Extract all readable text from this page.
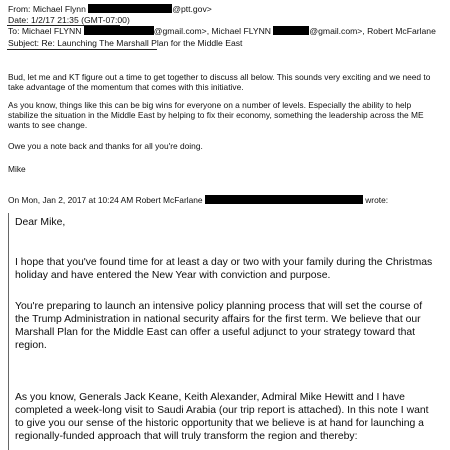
From: Michael Flynn	@ptt.gov>
Date: 1/2/17 21:35 (GMT-07:00)
To: Michael FLYNN	@gmail.com>, Michael FLYNN	@gmail.com>, Robert McFarlane
Subject: Re: Launching The Marshall Plan for the Middle East
Bud, let me and KT figure out a time to get together to discuss all below. This sounds very exciting and we need to
take advantage of the momentum that comes with this initiative.
As you know, things like this can be big wins for everyone on a number of levels. Especially the ability to help
stabilize the situation in the Middle East by helping to fix their economy, something the leadership across the ME
wants to see change.
Owe you a note back and thanks for all you're doing.
Mike
On Mon, Jan 2, 2017 at 10:24 AM Robert McFarlane	wrote:
Dear Mike,
I hope that you've found time for at least a day or two with your family during the Christmas
holiday and have entered the New Year with conviction and purpose.
You're preparing to launch an intensive policy planning process that will set the course of
the Trump Administration in national security affairs for the first term. We believe that our
Marshall Plan for the Middle East can offer a useful adjunct to your strategy toward that
region.
As you know, Generals Jack Keane, Keith Alexander, Admiral Mike Hewitt and I have
completed a week-long visit to Saudi Arabia (our trip report is attached). In this note I want
to give you our sense of the historic opportunity that we believe is at hand for launching a
regionally-funded approach that will truly transform the region and thereby:
